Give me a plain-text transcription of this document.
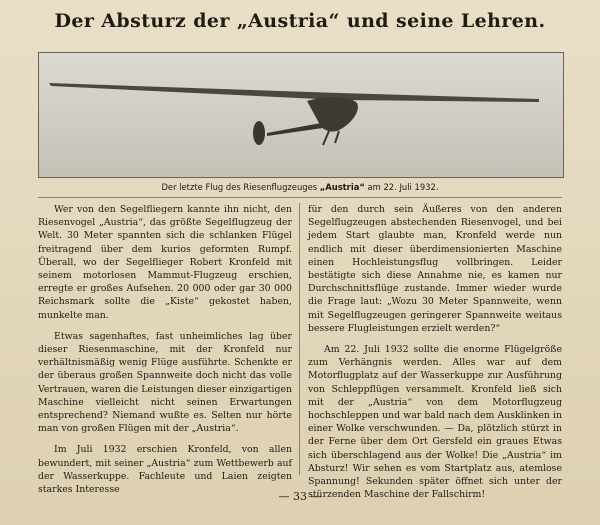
Der Absturz der „Austria“ und seine Lehren.
Der letzte Flug des Riesenflugzeuges „Austria“ am 22. Juli 1932.

Wer von den Segelfliegern kannte ihn nicht, den Riesenvogel „Austria“, das größte Segelflugzeug der Welt. 30 Meter spannten sich die schlanken Flügel freitragend über dem kurios geformten Rumpf. Überall, wo der Segelflieger Robert Kronfeld mit seinem motorlosen Mammut-Flugzeug erschien, erregte er großes Aufsehen. 20 000 oder gar 30 000 Reichsmark sollte die „Kiste“ gekostet haben, munkelte man.

Etwas sagenhaftes, fast unheimliches lag über dieser Riesenmaschine, mit der Kronfeld nur verhältnismäßig wenig Flüge ausführte. Schenkte er der überaus großen Spannweite doch nicht das volle Vertrauen, waren die Leistungen dieser einzigartigen Maschine vielleicht nicht seinen Erwartungen entsprechend? Niemand wußte es. Selten nur hörte man von großen Flügen mit der „Austria“.

Im Juli 1932 erschien Kronfeld, von allen bewundert, mit seiner „Austria“ zum Wettbewerb auf der Wasserkuppe. Fachleute und Laien zeigten starkes Interesse

für den durch sein Äußeres von den anderen Segelflugzeugen abstechenden Riesenvogel, und bei jedem Start glaubte man, Kronfeld werde nun endlich mit dieser überdimensionierten Maschine einen Hochleistungsflug vollbringen. Leider bestätigte sich diese Annahme nie, es kamen nur Durchschnittsflüge zustande. Immer wieder wurde die Frage laut: „Wozu 30 Meter Spannweite, wenn mit Segelflugzeugen geringerer Spannweite weitaus bessere Flugleistungen erzielt werden?“

Am 22. Juli 1932 sollte die enorme Flügelgröße zum Verhängnis werden. Alles war auf dem Motorflugplatz auf der Wasserkuppe zur Ausführung von Schleppflügen versammelt. Kronfeld ließ sich mit der „Austria“ von dem Motorflugzeug hochschleppen und war bald nach dem Ausklinken in einer Wolke verschwunden. — Da, plötzlich stürzt in der Ferne über dem Ort Gersfeld ein graues Etwas sich überschlagend aus der Wolke! Die „Austria“ im Absturz! Wir sehen es vom Startplatz aus, atemlose Spannung! Sekunden später öffnet sich unter der stürzenden Maschine der Fallschirm!

— 33 —
